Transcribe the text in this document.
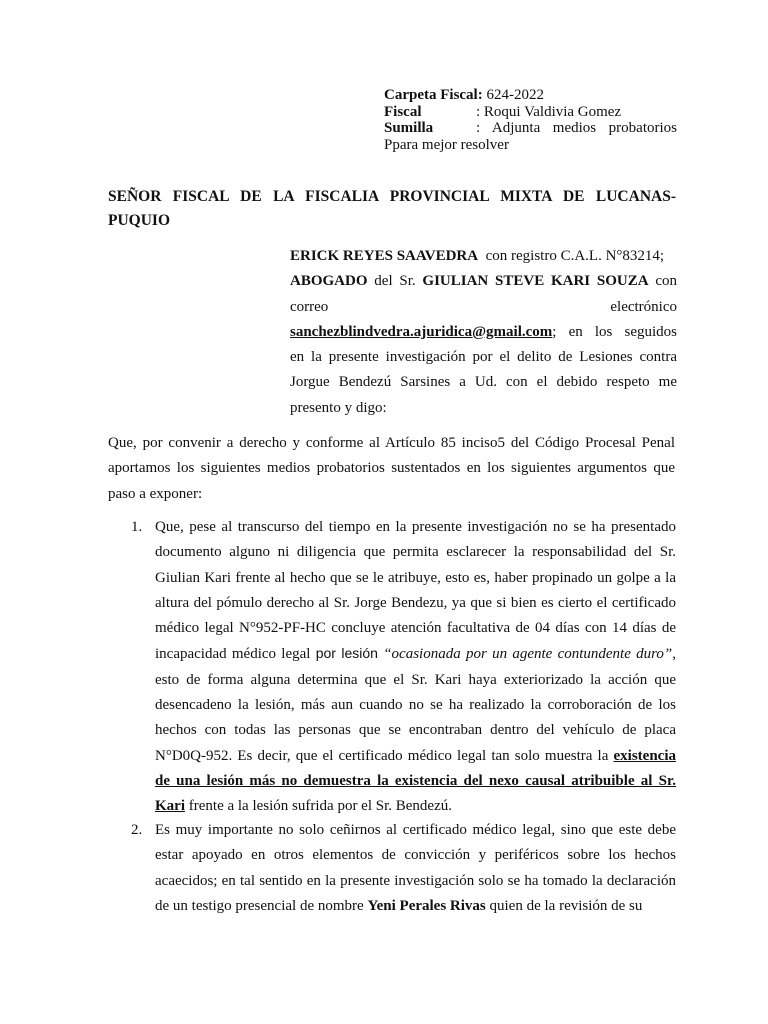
Carpeta Fiscal: 624-2022
Fiscal	: Roqui Valdivia Gomez
Sumilla	: Adjunta medios probatorios
Ppara mejor resolver
SEÑOR FISCAL DE LA FISCALIA PROVINCIAL MIXTA DE LUCANAS-PUQUIO
ERICK REYES SAAVEDRA con registro C.A.L. N°83214;
ABOGADO del Sr. GIULIAN STEVE KARI SOUZA con
correo electrónico
sanchezblindvedra.ajuridica@gmail.com; en los seguidos
en la presente investigación por el delito de Lesiones contra
Jorgue Bendezú Sarsines a Ud. con el debido respeto me
presento y digo:
Que, por convenir a derecho y conforme al Artículo 85 inciso5 del Código Procesal Penal aportamos los siguientes medios probatorios sustentados en los siguientes argumentos que paso a exponer:
1. Que, pese al transcurso del tiempo en la presente investigación no se ha presentado documento alguno ni diligencia que permita esclarecer la responsabilidad del Sr. Giulian Kari frente al hecho que se le atribuye, esto es, haber propinado un golpe a la altura del pómulo derecho al Sr. Jorge Bendezu, ya que si bien es cierto el certificado médico legal N°952-PF-HC concluye atención facultativa de 04 días con 14 días de incapacidad médico legal por lesión “ocasionada por un agente contundente duro”, esto de forma alguna determina que el Sr. Kari haya exteriorizado la acción que desencadeno la lesión, más aun cuando no se ha realizado la corroboración de los hechos con todas las personas que se encontraban dentro del vehículo de placa N°D0Q-952. Es decir, que el certificado médico legal tan solo muestra la existencia de una lesión más no demuestra la existencia del nexo causal atribuible al Sr. Kari frente a la lesión sufrida por el Sr. Bendezú.
2. Es muy importante no solo ceñirnos al certificado médico legal, sino que este debe estar apoyado en otros elementos de convicción y periféricos sobre los hechos acaecidos; en tal sentido en la presente investigación solo se ha tomado la declaración de un testigo presencial de nombre Yeni Perales Rivas quien de la revisión de su
